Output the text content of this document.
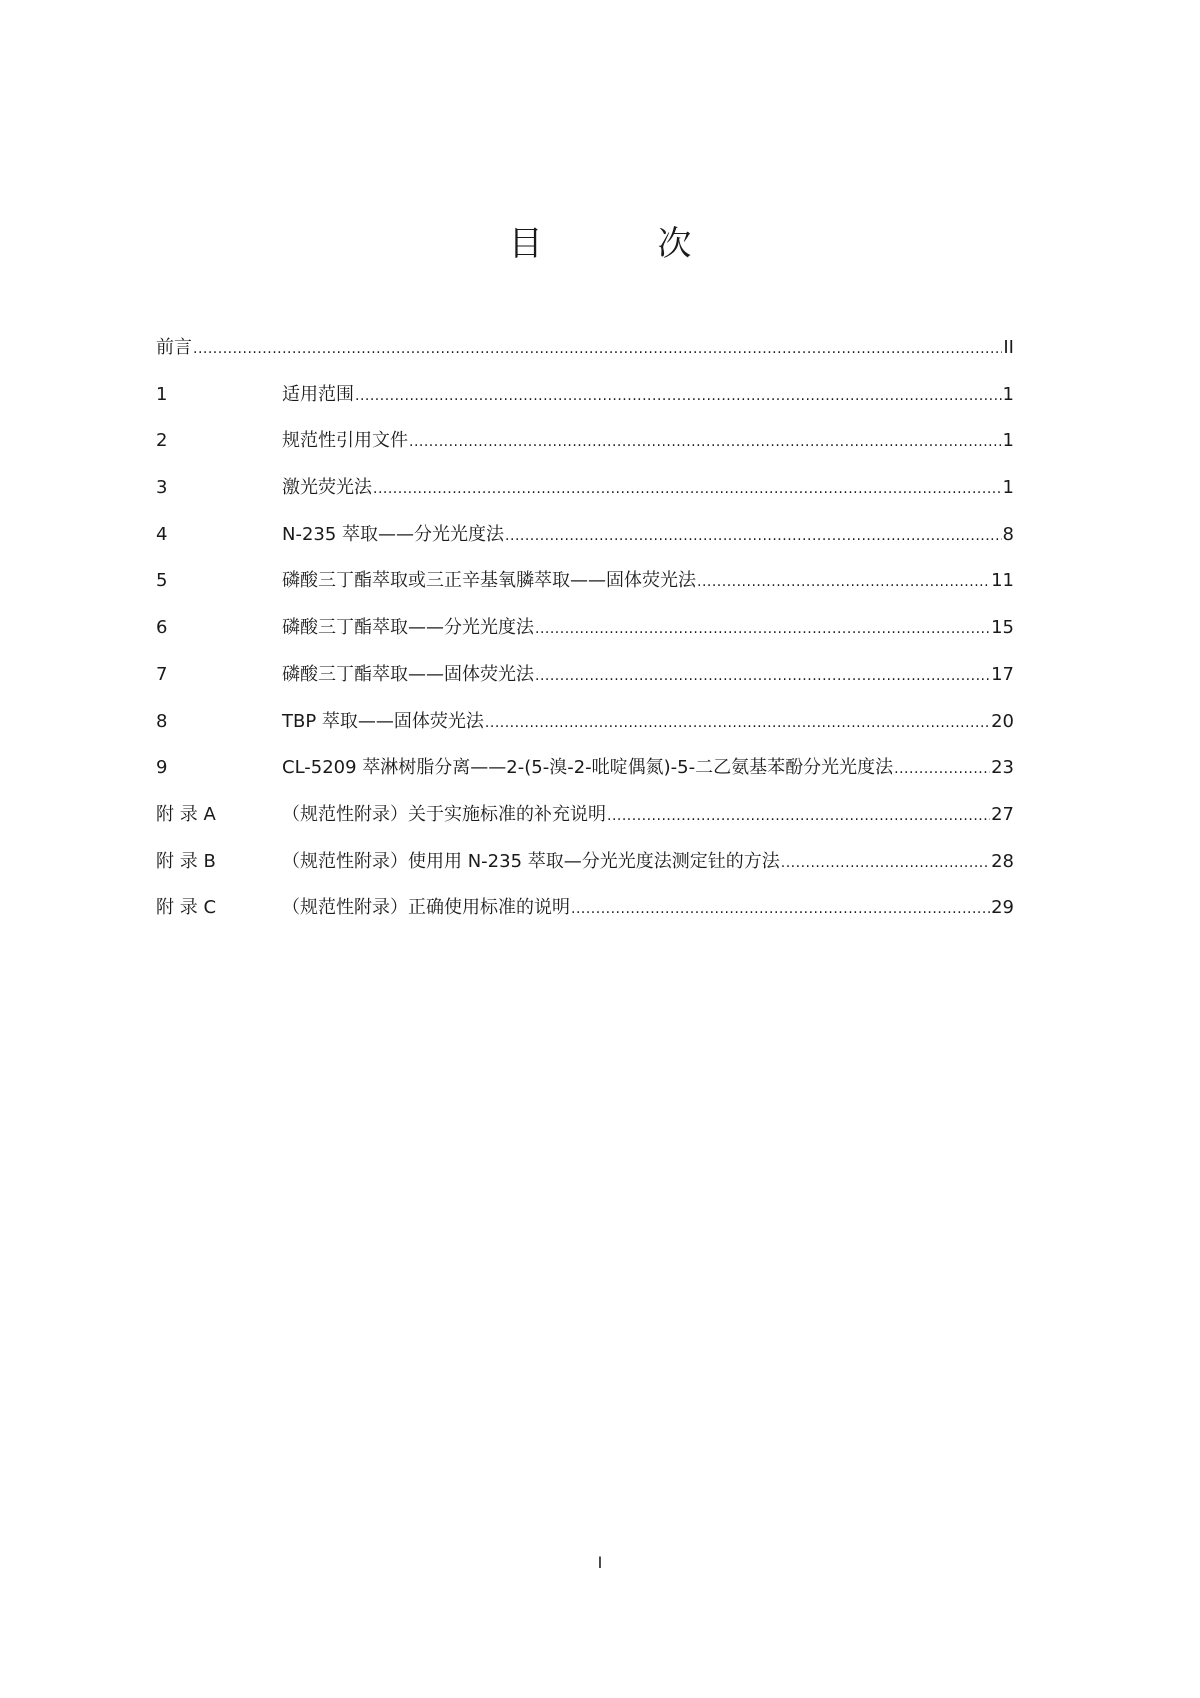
目 次
前言 .....	II
1	适用范围 .....	1
2	规范性引用文件 .....	1
3	激光荧光法 .....	1
4	N-235 萃取——分光光度法 .....	8
5	磷酸三丁酯萃取或三正辛基氧膦萃取——固体荧光法 .....	11
6	磷酸三丁酯萃取——分光光度法 .....	15
7	磷酸三丁酯萃取——固体荧光法 .....	17
8	TBP 萃取——固体荧光法 .....	20
9	CL-5209 萃淋树脂分离——2-(5-溴-2-吡啶偶氮)-5-二乙氨基苯酚分光光度法 .....	23
附 录 A	（规范性附录）关于实施标准的补充说明 .....	27
附 录 B	（规范性附录）使用用 N-235 萃取—分光光度法测定钍的方法 .....	28
附 录 C	（规范性附录）正确使用标准的说明 .....	29
I
